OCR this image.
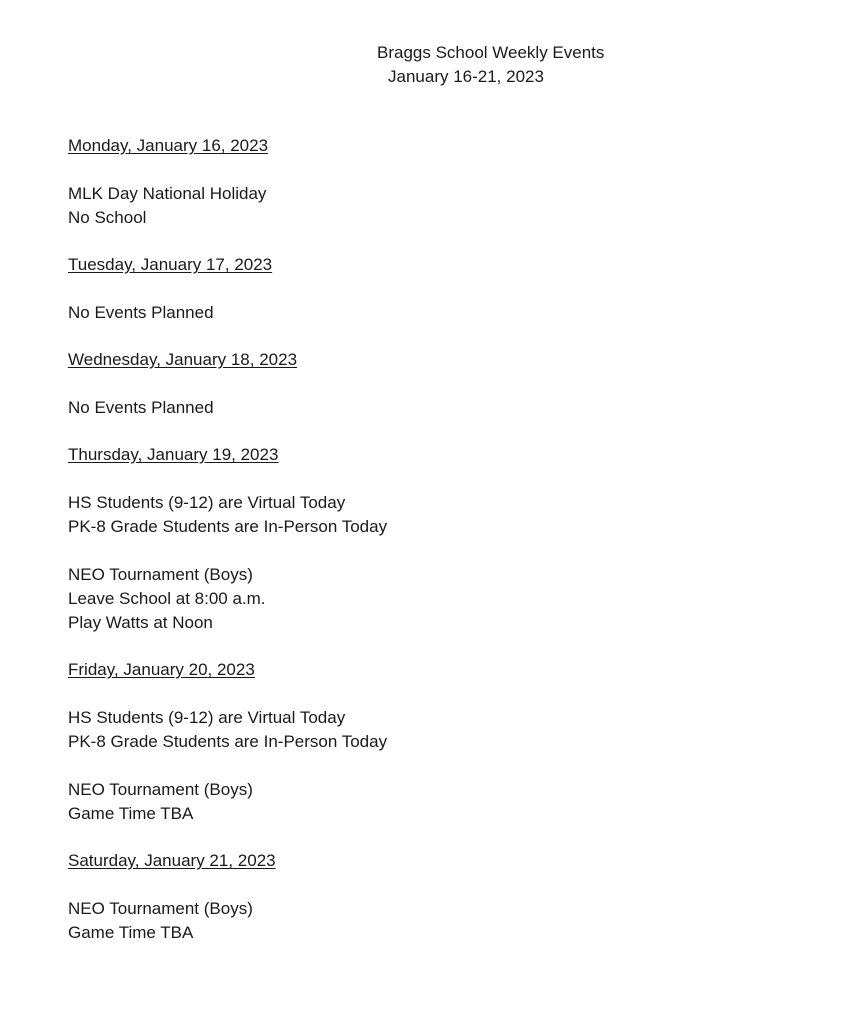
Braggs School Weekly Events
January 16-21, 2023
Monday, January 16, 2023
MLK Day National Holiday
No School
Tuesday, January 17, 2023
No Events Planned
Wednesday, January 18, 2023
No Events Planned
Thursday, January 19, 2023
HS Students (9-12) are Virtual Today
PK-8 Grade Students are In-Person Today
NEO Tournament (Boys)
Leave School at 8:00 a.m.
Play Watts at Noon
Friday, January 20, 2023
HS Students (9-12) are Virtual Today
PK-8 Grade Students are In-Person Today
NEO Tournament (Boys)
Game Time TBA
Saturday, January 21, 2023
NEO Tournament (Boys)
Game Time TBA
